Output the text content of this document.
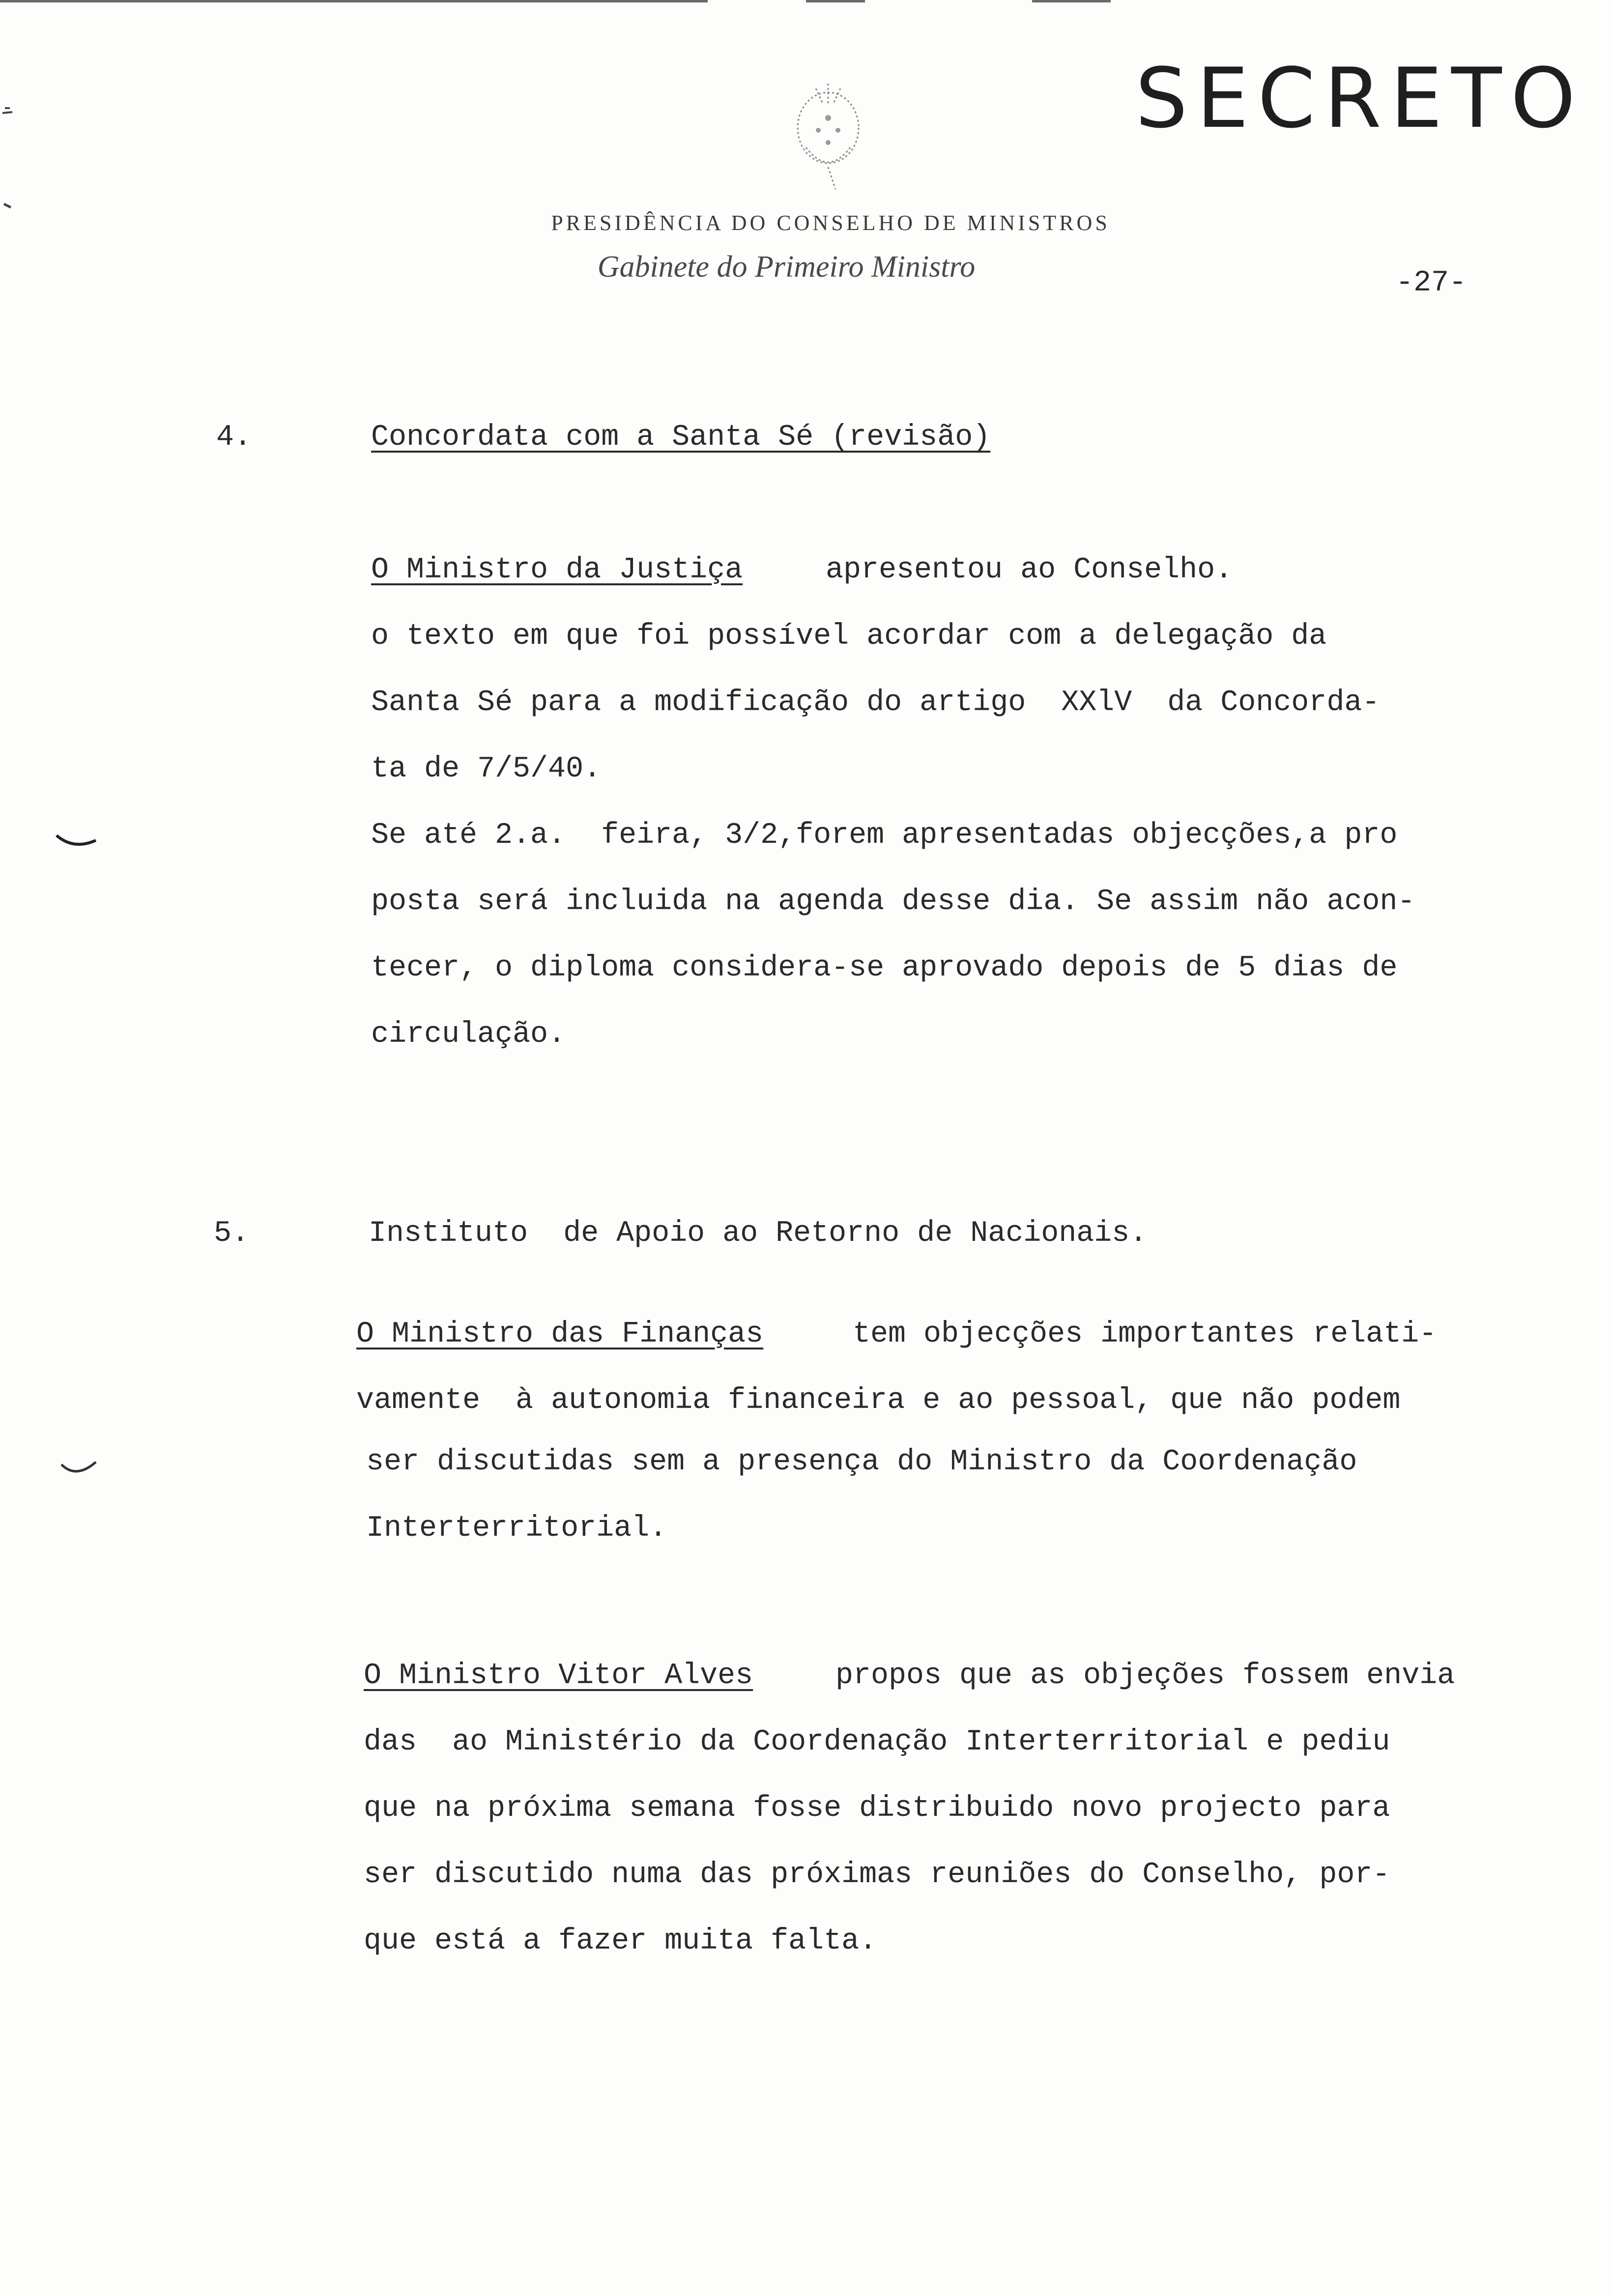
SECRETO
PRESIDÊNCIA DO CONSELHO DE MINISTROS
Gabinete do Primeiro Ministro	-27-
4.	Concordata com a Santa Sé (revisão)
O Ministro da Justiça	apresentou ao Conselho.
o texto em que foi possível acordar com a delegação da
Santa Sé para a modificação do artigo  XXlV  da Concorda-
ta de 7/5/40.
Se até 2.a.  feira, 3/2,forem apresentadas objecções,a pro
posta será incluida na agenda desse dia. Se assim não acon-
tecer, o diploma considera-se aprovado depois de 5 dias de
circulação.
5.	Instituto  de Apoio ao Retorno de Nacionais.
O Ministro das Finanças	tem objecções importantes relati-
vamente  à autonomia financeira e ao pessoal, que não podem
ser discutidas sem a presença do Ministro da Coordenação
Interterritorial.
O Ministro Vitor Alves	propos que as objeções fossem envia
das  ao Ministério da Coordenação Interterritorial e pediu
que na próxima semana fosse distribuido novo projecto para
ser discutido numa das próximas reuniões do Conselho, por-
que está a fazer muita falta.
